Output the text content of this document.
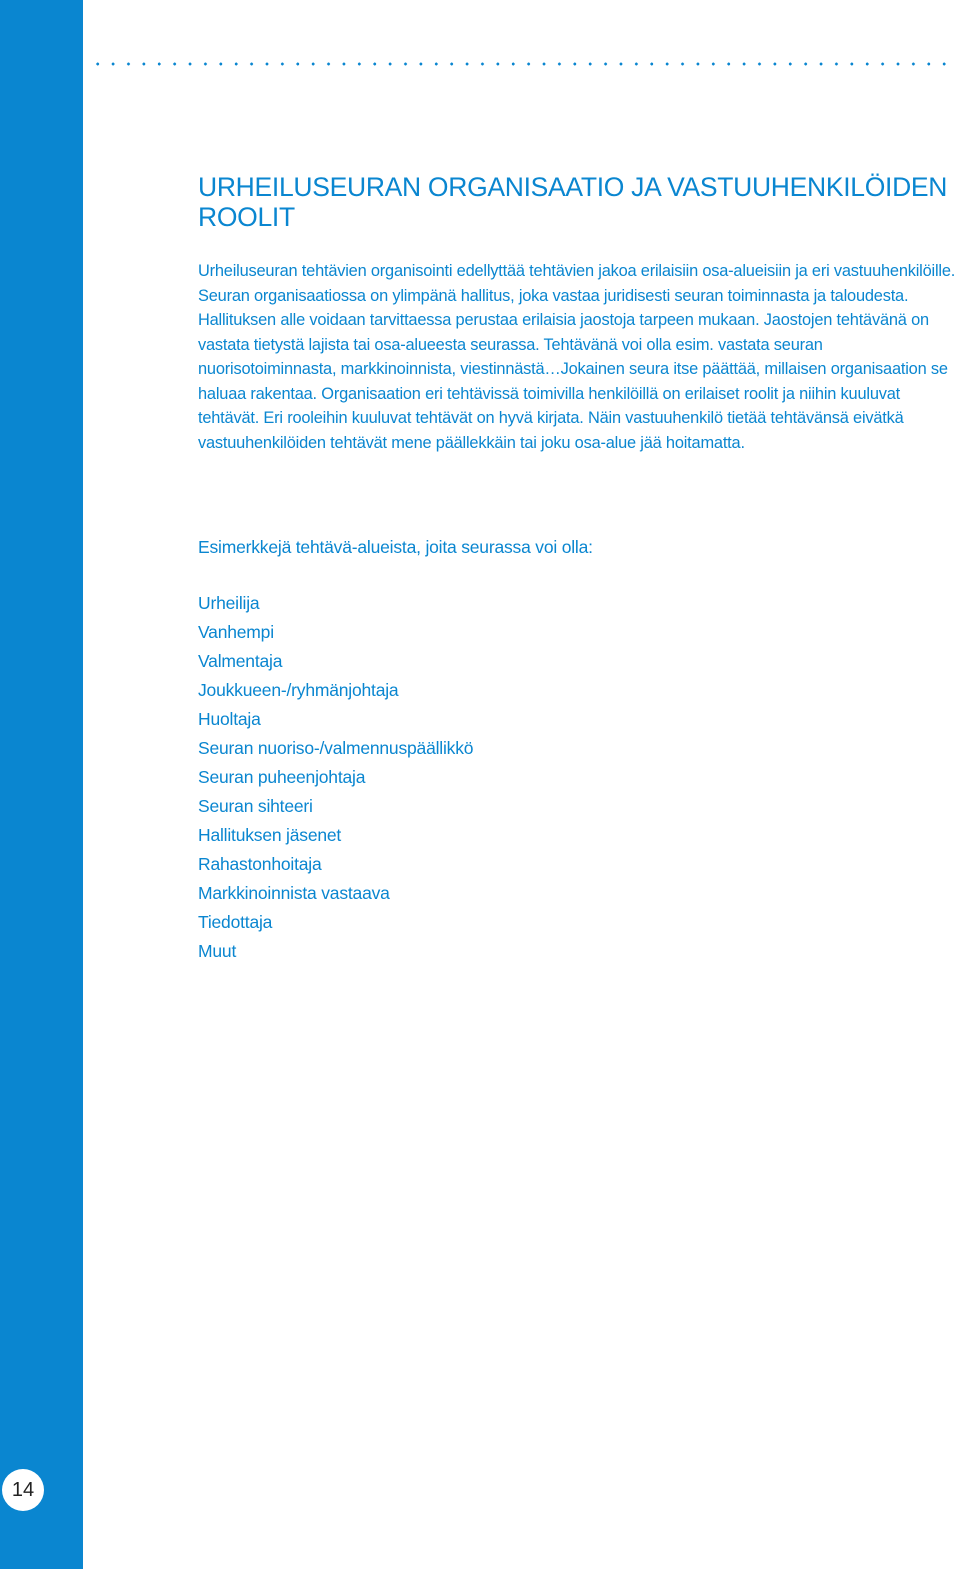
14
URHEILUSEURAN ORGANISAATIO JA VASTUUHENKILÖIDEN ROOLIT

Urheiluseuran tehtävien organisointi edellyttää tehtävien jakoa erilaisiin osa-alueisiin ja eri vastuuhenkilöille. Seuran organisaatiossa on ylimpänä hallitus, joka vastaa juridisesti seuran toiminnasta ja taloudesta. Hallituksen alle voidaan tarvittaessa perustaa erilaisia jaostoja tarpeen mukaan. Jaostojen tehtävänä on vastata tietystä lajista tai osa-alueesta seurassa. Tehtävänä voi olla esim. vastata seuran nuorisotoiminnasta, markkinoinnista, viestinnästä…Jokainen seura itse päättää, millaisen organisaation se haluaa rakentaa. Organisaation eri tehtävissä toimivilla henkilöillä on erilaiset roolit ja niihin kuuluvat tehtävät. Eri rooleihin kuuluvat tehtävät on hyvä kirjata. Näin vastuuhenkilö tietää tehtävänsä eivätkä vastuuhenkilöiden tehtävät mene päällekkäin tai joku osa-alue jää hoitamatta.

Esimerkkejä tehtävä-alueista, joita seurassa voi olla:

Urheilija
Vanhempi
Valmentaja
Joukkueen-/ryhmänjohtaja
Huoltaja
Seuran nuoriso-/valmennuspäällikkö
Seuran puheenjohtaja
Seuran sihteeri
Hallituksen jäsenet
Rahastonhoitaja
Markkinoinnista vastaava
Tiedottaja
Muut
